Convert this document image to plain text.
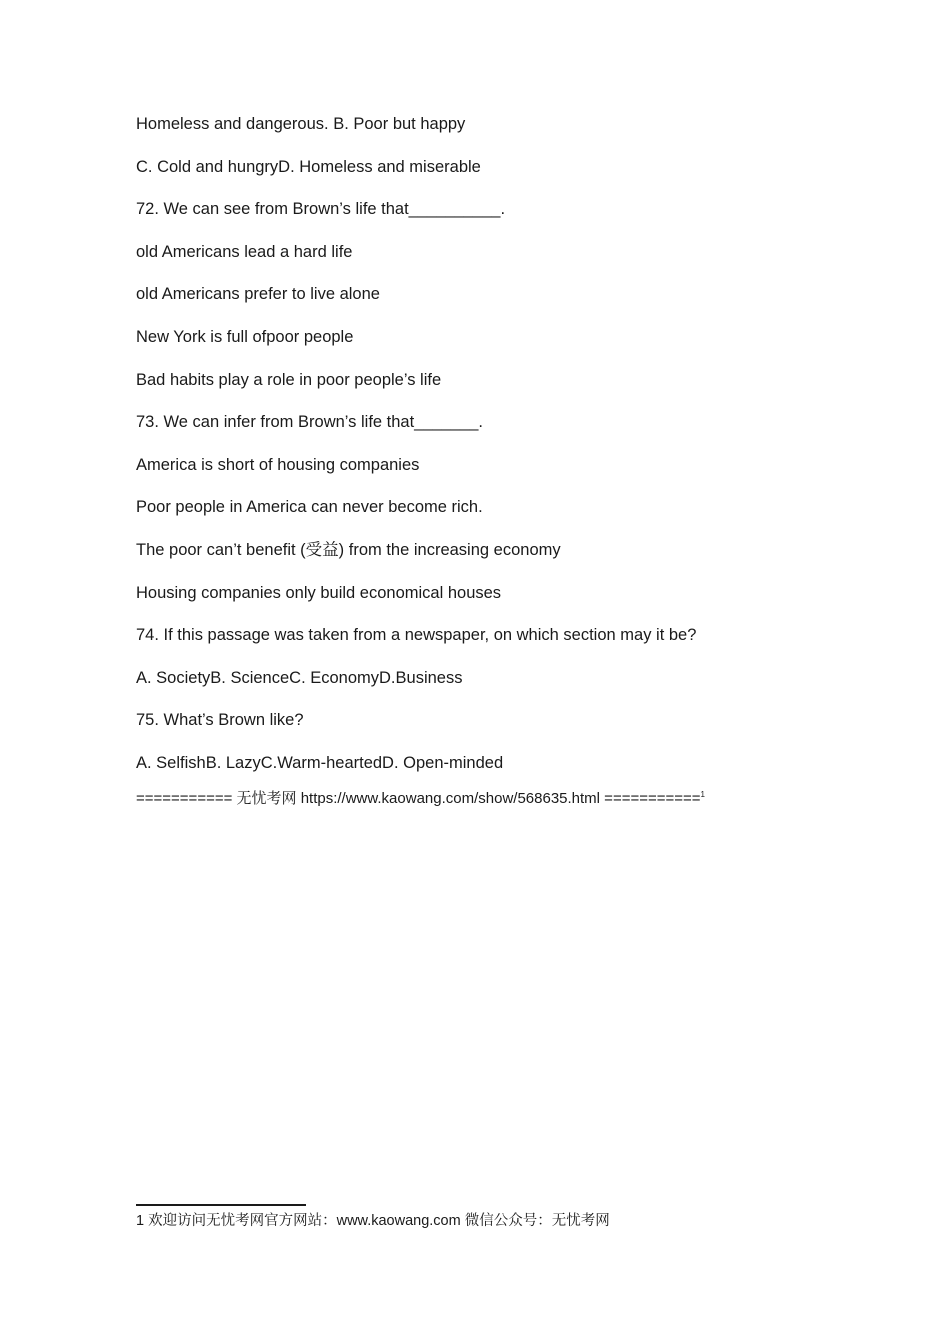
Homeless and dangerous. B. Poor but happy
C. Cold and hungryD. Homeless and miserable
72. We can see from Brown’s life that__________.
old Americans lead a hard life
old Americans prefer to live alone
New York is full ofpoor people
Bad habits play a role in poor people’s life
73. We can infer from Brown’s life that_______.
America is short of housing companies
Poor people in America can never become rich.
The poor can’t benefit (受益) from the increasing economy
Housing companies only build economical houses
74. If this passage was taken from a newspaper, on which section may it be?
A. SocietyB. ScienceC. EconomyD.Business
75. What’s Brown like?
A. SelfishB. LazyC.Warm-heartedD. Open-minded
=========== 无忧考网 https://www.kaowang.com/show/568635.html ===========$^1$
1 欢迎访问无忧考网官方网站：www.kaowang.com 微信公众号：无忧考网
